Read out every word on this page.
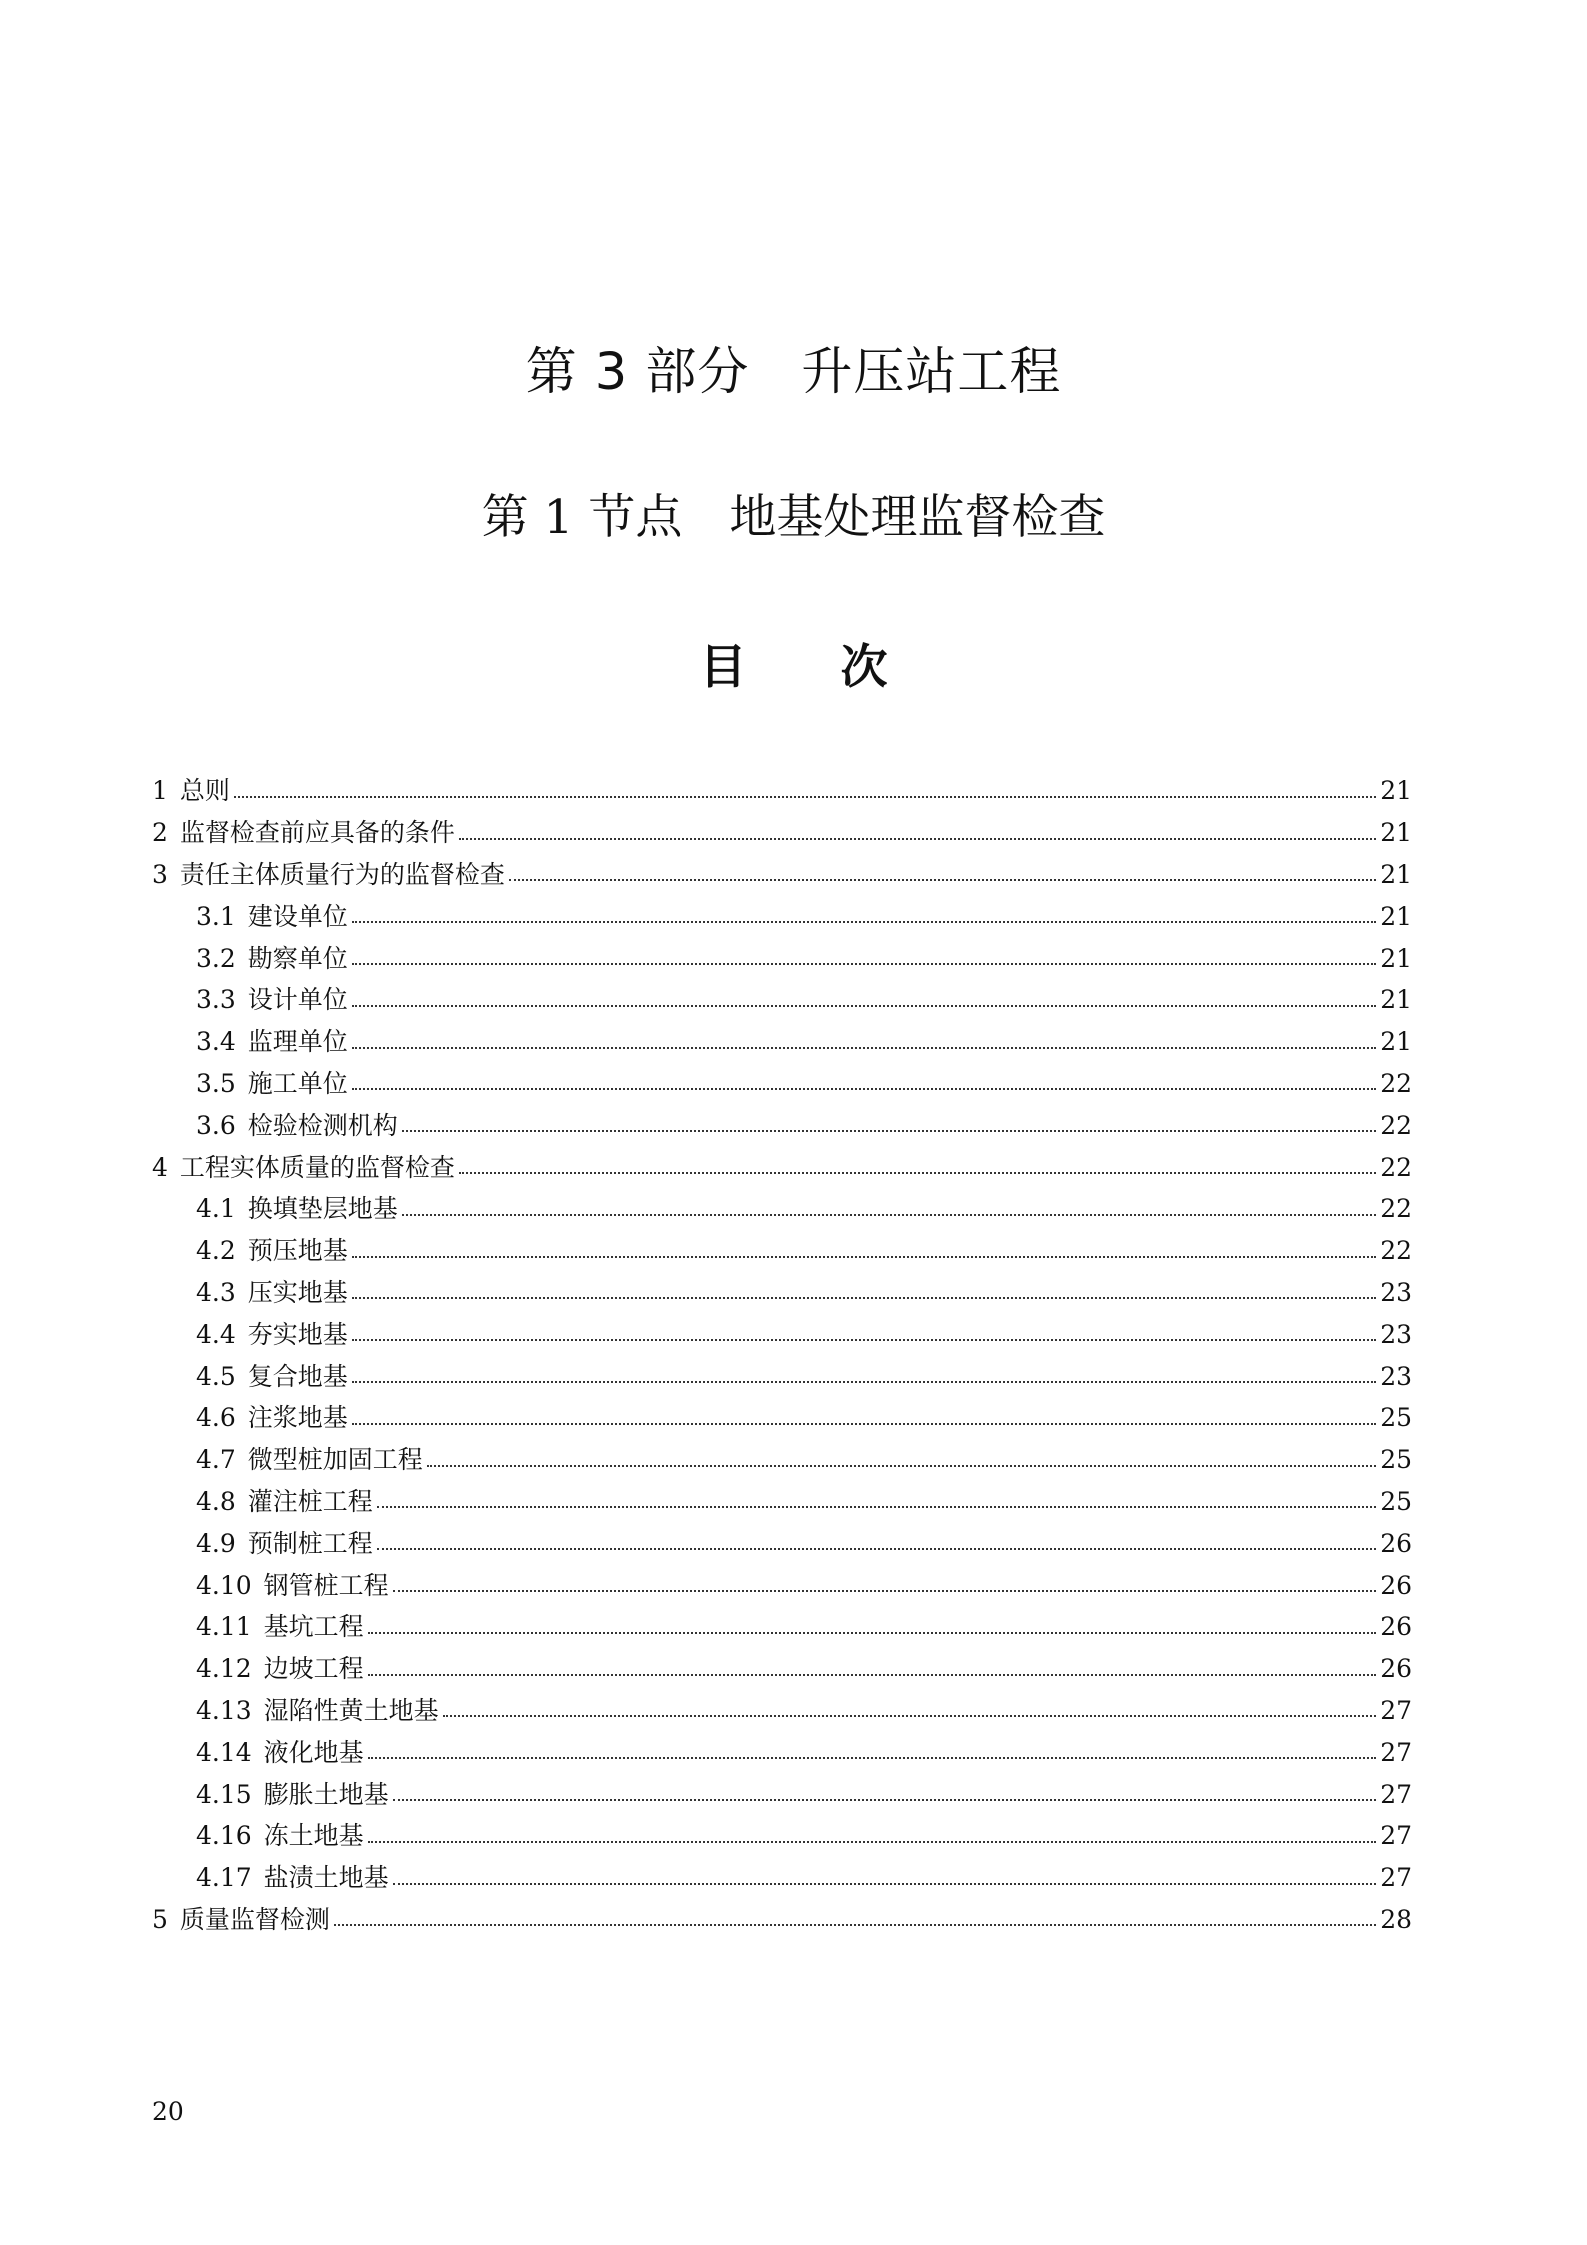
第 3 部分　升压站工程
第 1 节点　地基处理监督检查
目　　次
1 总则	21
2 监督检查前应具备的条件	21
3 责任主体质量行为的监督检查	21
3.1 建设单位	21
3.2 勘察单位	21
3.3 设计单位	21
3.4 监理单位	21
3.5 施工单位	22
3.6 检验检测机构	22
4 工程实体质量的监督检查	22
4.1 换填垫层地基	22
4.2 预压地基	22
4.3 压实地基	23
4.4 夯实地基	23
4.5 复合地基	23
4.6 注浆地基	25
4.7 微型桩加固工程	25
4.8 灌注桩工程	25
4.9 预制桩工程	26
4.10 钢管桩工程	26
4.11 基坑工程	26
4.12 边坡工程	26
4.13 湿陷性黄土地基	27
4.14 液化地基	27
4.15 膨胀土地基	27
4.16 冻土地基	27
4.17 盐渍土地基	27
5 质量监督检测	28
20
